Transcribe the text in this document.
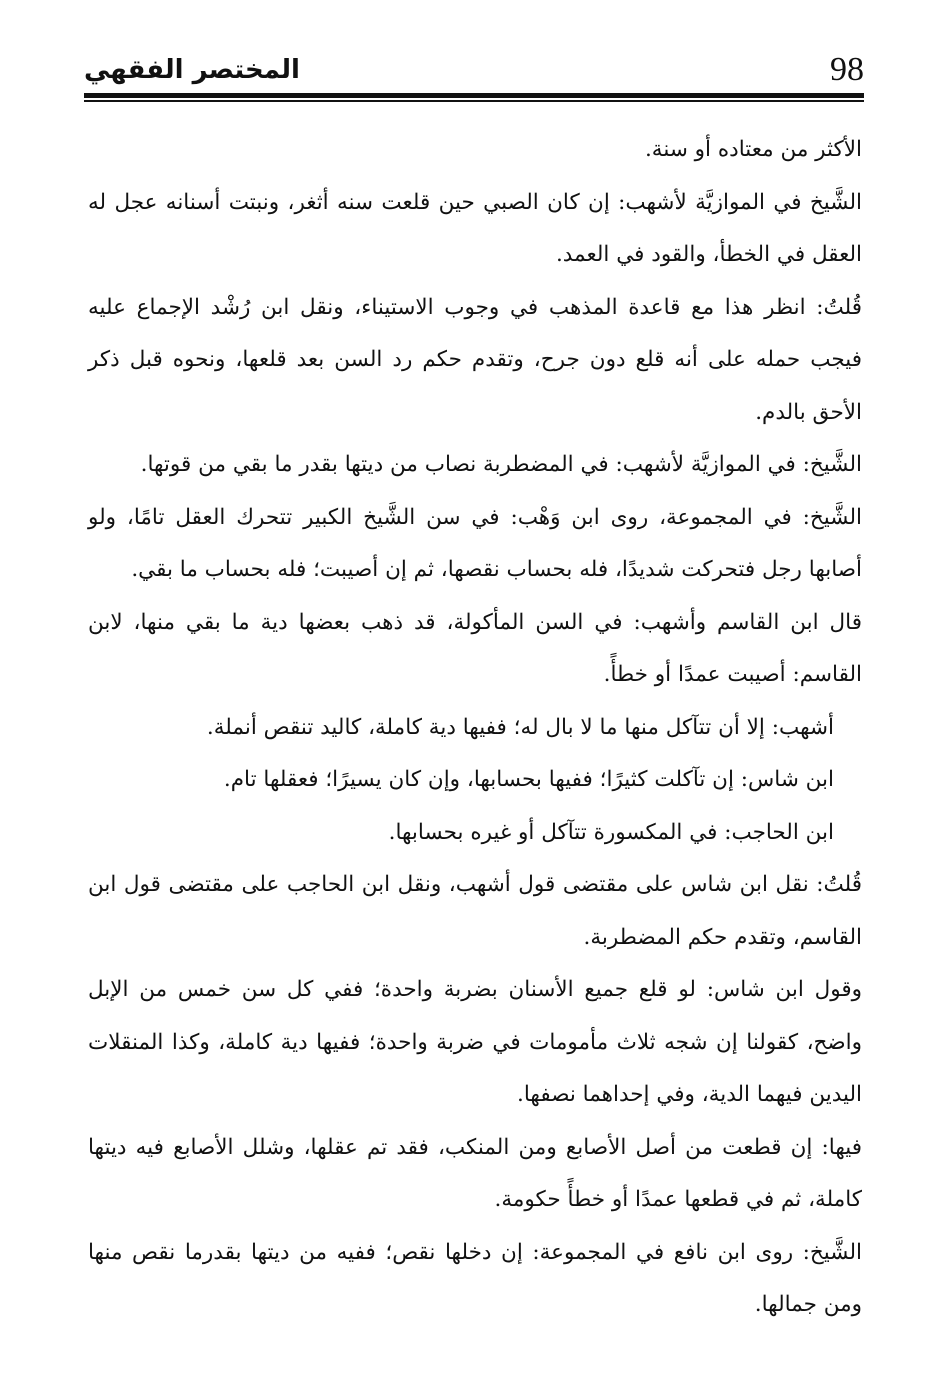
المختصر الفقهي	98

الأكثر من معتاده أو سنة.

الشَّيخ في الموازيَّة لأشهب: إن كان الصبي حين قلعت سنه أثغر، ونبتت أسنانه عجل له العقل في الخطأ، والقود في العمد.

قُلتُ: انظر هذا مع قاعدة المذهب في وجوب الاستيناء، ونقل ابن رُشْد الإجماع عليه فيجب حمله على أنه قلع دون جرح، وتقدم حكم رد السن بعد قلعها، ونحوه قبل ذكر الأحق بالدم.

الشَّيخ: في الموازيَّة لأشهب: في المضطربة نصاب من ديتها بقدر ما بقي من قوتها.

الشَّيخ: في المجموعة، روى ابن وَهْب: في سن الشَّيخ الكبير تتحرك العقل تامًا، ولو أصابها رجل فتحركت شديدًا، فله بحساب نقصها، ثم إن أصيبت؛ فله بحساب ما بقي.

قال ابن القاسم وأشهب: في السن المأكولة، قد ذهب بعضها دية ما بقي منها، لابن القاسم: أصيبت عمدًا أو خطأً.

أشهب: إلا أن تتآكل منها ما لا بال له؛ ففيها دية كاملة، كاليد تنقص أنملة.

ابن شاس: إن تآكلت كثيرًا؛ ففيها بحسابها، وإن كان يسيرًا؛ فعقلها تام.

ابن الحاجب: في المكسورة تتآكل أو غيره بحسابها.

قُلتُ: نقل ابن شاس على مقتضى قول أشهب، ونقل ابن الحاجب على مقتضى قول ابن القاسم، وتقدم حكم المضطربة.

وقول ابن شاس: لو قلع جميع الأسنان بضربة واحدة؛ ففي كل سن خمس من الإبل واضح، كقولنا إن شجه ثلاث مأمومات في ضربة واحدة؛ ففيها دية كاملة، وكذا المنقلات اليدين فيهما الدية، وفي إحداهما نصفها.

فيها: إن قطعت من أصل الأصابع ومن المنكب، فقد تم عقلها، وشلل الأصابع فيه ديتها كاملة، ثم في قطعها عمدًا أو خطأً حكومة.

الشَّيخ: روى ابن نافع في المجموعة: إن دخلها نقص؛ ففيه من ديتها بقدرما نقص منها ومن جمالها.
